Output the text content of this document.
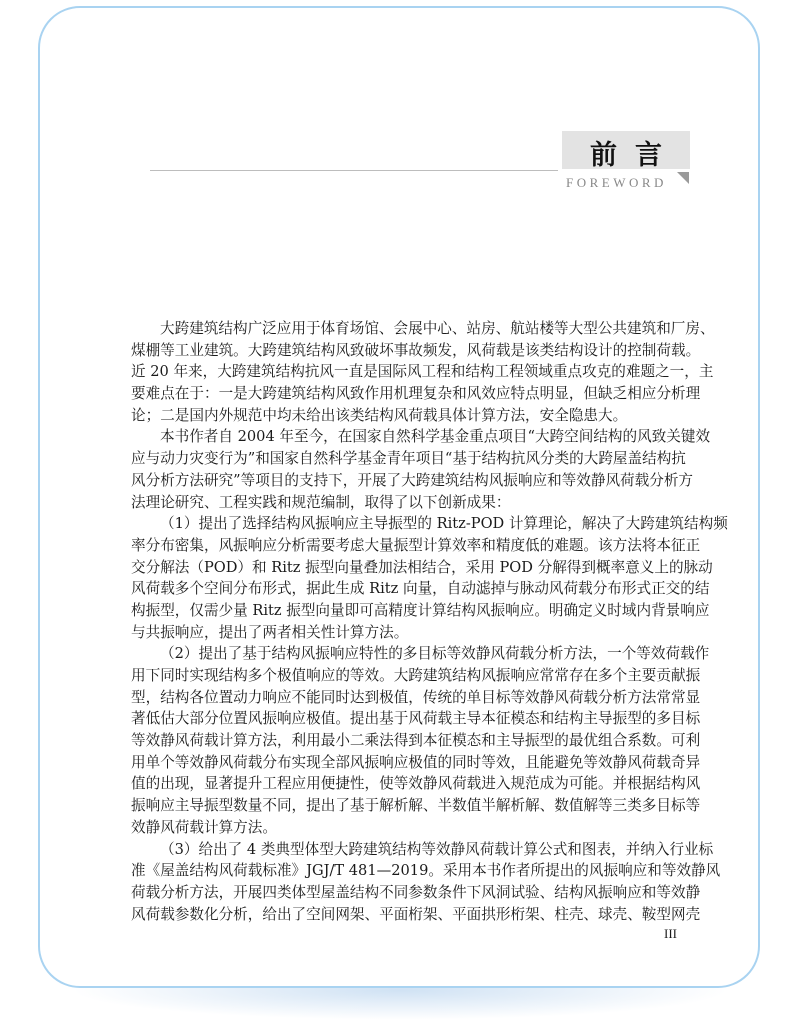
前言
FOREWORD
大跨建筑结构广泛应用于体育场馆、会展中心、站房、航站楼等大型公共建筑和厂房、
煤棚等工业建筑。大跨建筑结构风致破坏事故频发，风荷载是该类结构设计的控制荷载。
近 20 年来，大跨建筑结构抗风一直是国际风工程和结构工程领域重点攻克的难题之一，主
要难点在于：一是大跨建筑结构风致作用机理复杂和风效应特点明显，但缺乏相应分析理
论；二是国内外规范中均未给出该类结构风荷载具体计算方法，安全隐患大。
本书作者自 2004 年至今，在国家自然科学基金重点项目“大跨空间结构的风致关键效
应与动力灾变行为”和国家自然科学基金青年项目“基于结构抗风分类的大跨屋盖结构抗
风分析方法研究”等项目的支持下，开展了大跨建筑结构风振响应和等效静风荷载分析方
法理论研究、工程实践和规范编制，取得了以下创新成果：
（1）提出了选择结构风振响应主导振型的 Ritz-POD 计算理论，解决了大跨建筑结构频
率分布密集，风振响应分析需要考虑大量振型计算效率和精度低的难题。该方法将本征正
交分解法（POD）和 Ritz 振型向量叠加法相结合，采用 POD 分解得到概率意义上的脉动
风荷载多个空间分布形式，据此生成 Ritz 向量，自动滤掉与脉动风荷载分布形式正交的结
构振型，仅需少量 Ritz 振型向量即可高精度计算结构风振响应。明确定义时域内背景响应
与共振响应，提出了两者相关性计算方法。
（2）提出了基于结构风振响应特性的多目标等效静风荷载分析方法，一个等效荷载作
用下同时实现结构多个极值响应的等效。大跨建筑结构风振响应常常存在多个主要贡献振
型，结构各位置动力响应不能同时达到极值，传统的单目标等效静风荷载分析方法常常显
著低估大部分位置风振响应极值。提出基于风荷载主导本征模态和结构主导振型的多目标
等效静风荷载计算方法，利用最小二乘法得到本征模态和主导振型的最优组合系数。可利
用单个等效静风荷载分布实现全部风振响应极值的同时等效，且能避免等效静风荷载奇异
值的出现，显著提升工程应用便捷性，使等效静风荷载进入规范成为可能。并根据结构风
振响应主导振型数量不同，提出了基于解析解、半数值半解析解、数值解等三类多目标等
效静风荷载计算方法。
（3）给出了 4 类典型体型大跨建筑结构等效静风荷载计算公式和图表，并纳入行业标
准《屋盖结构风荷载标准》JGJ/T 481—2019。采用本书作者所提出的风振响应和等效静风
荷载分析方法，开展四类体型屋盖结构不同参数条件下风洞试验、结构风振响应和等效静
风荷载参数化分析，给出了空间网架、平面桁架、平面拱形桁架、柱壳、球壳、鞍型网壳
III
